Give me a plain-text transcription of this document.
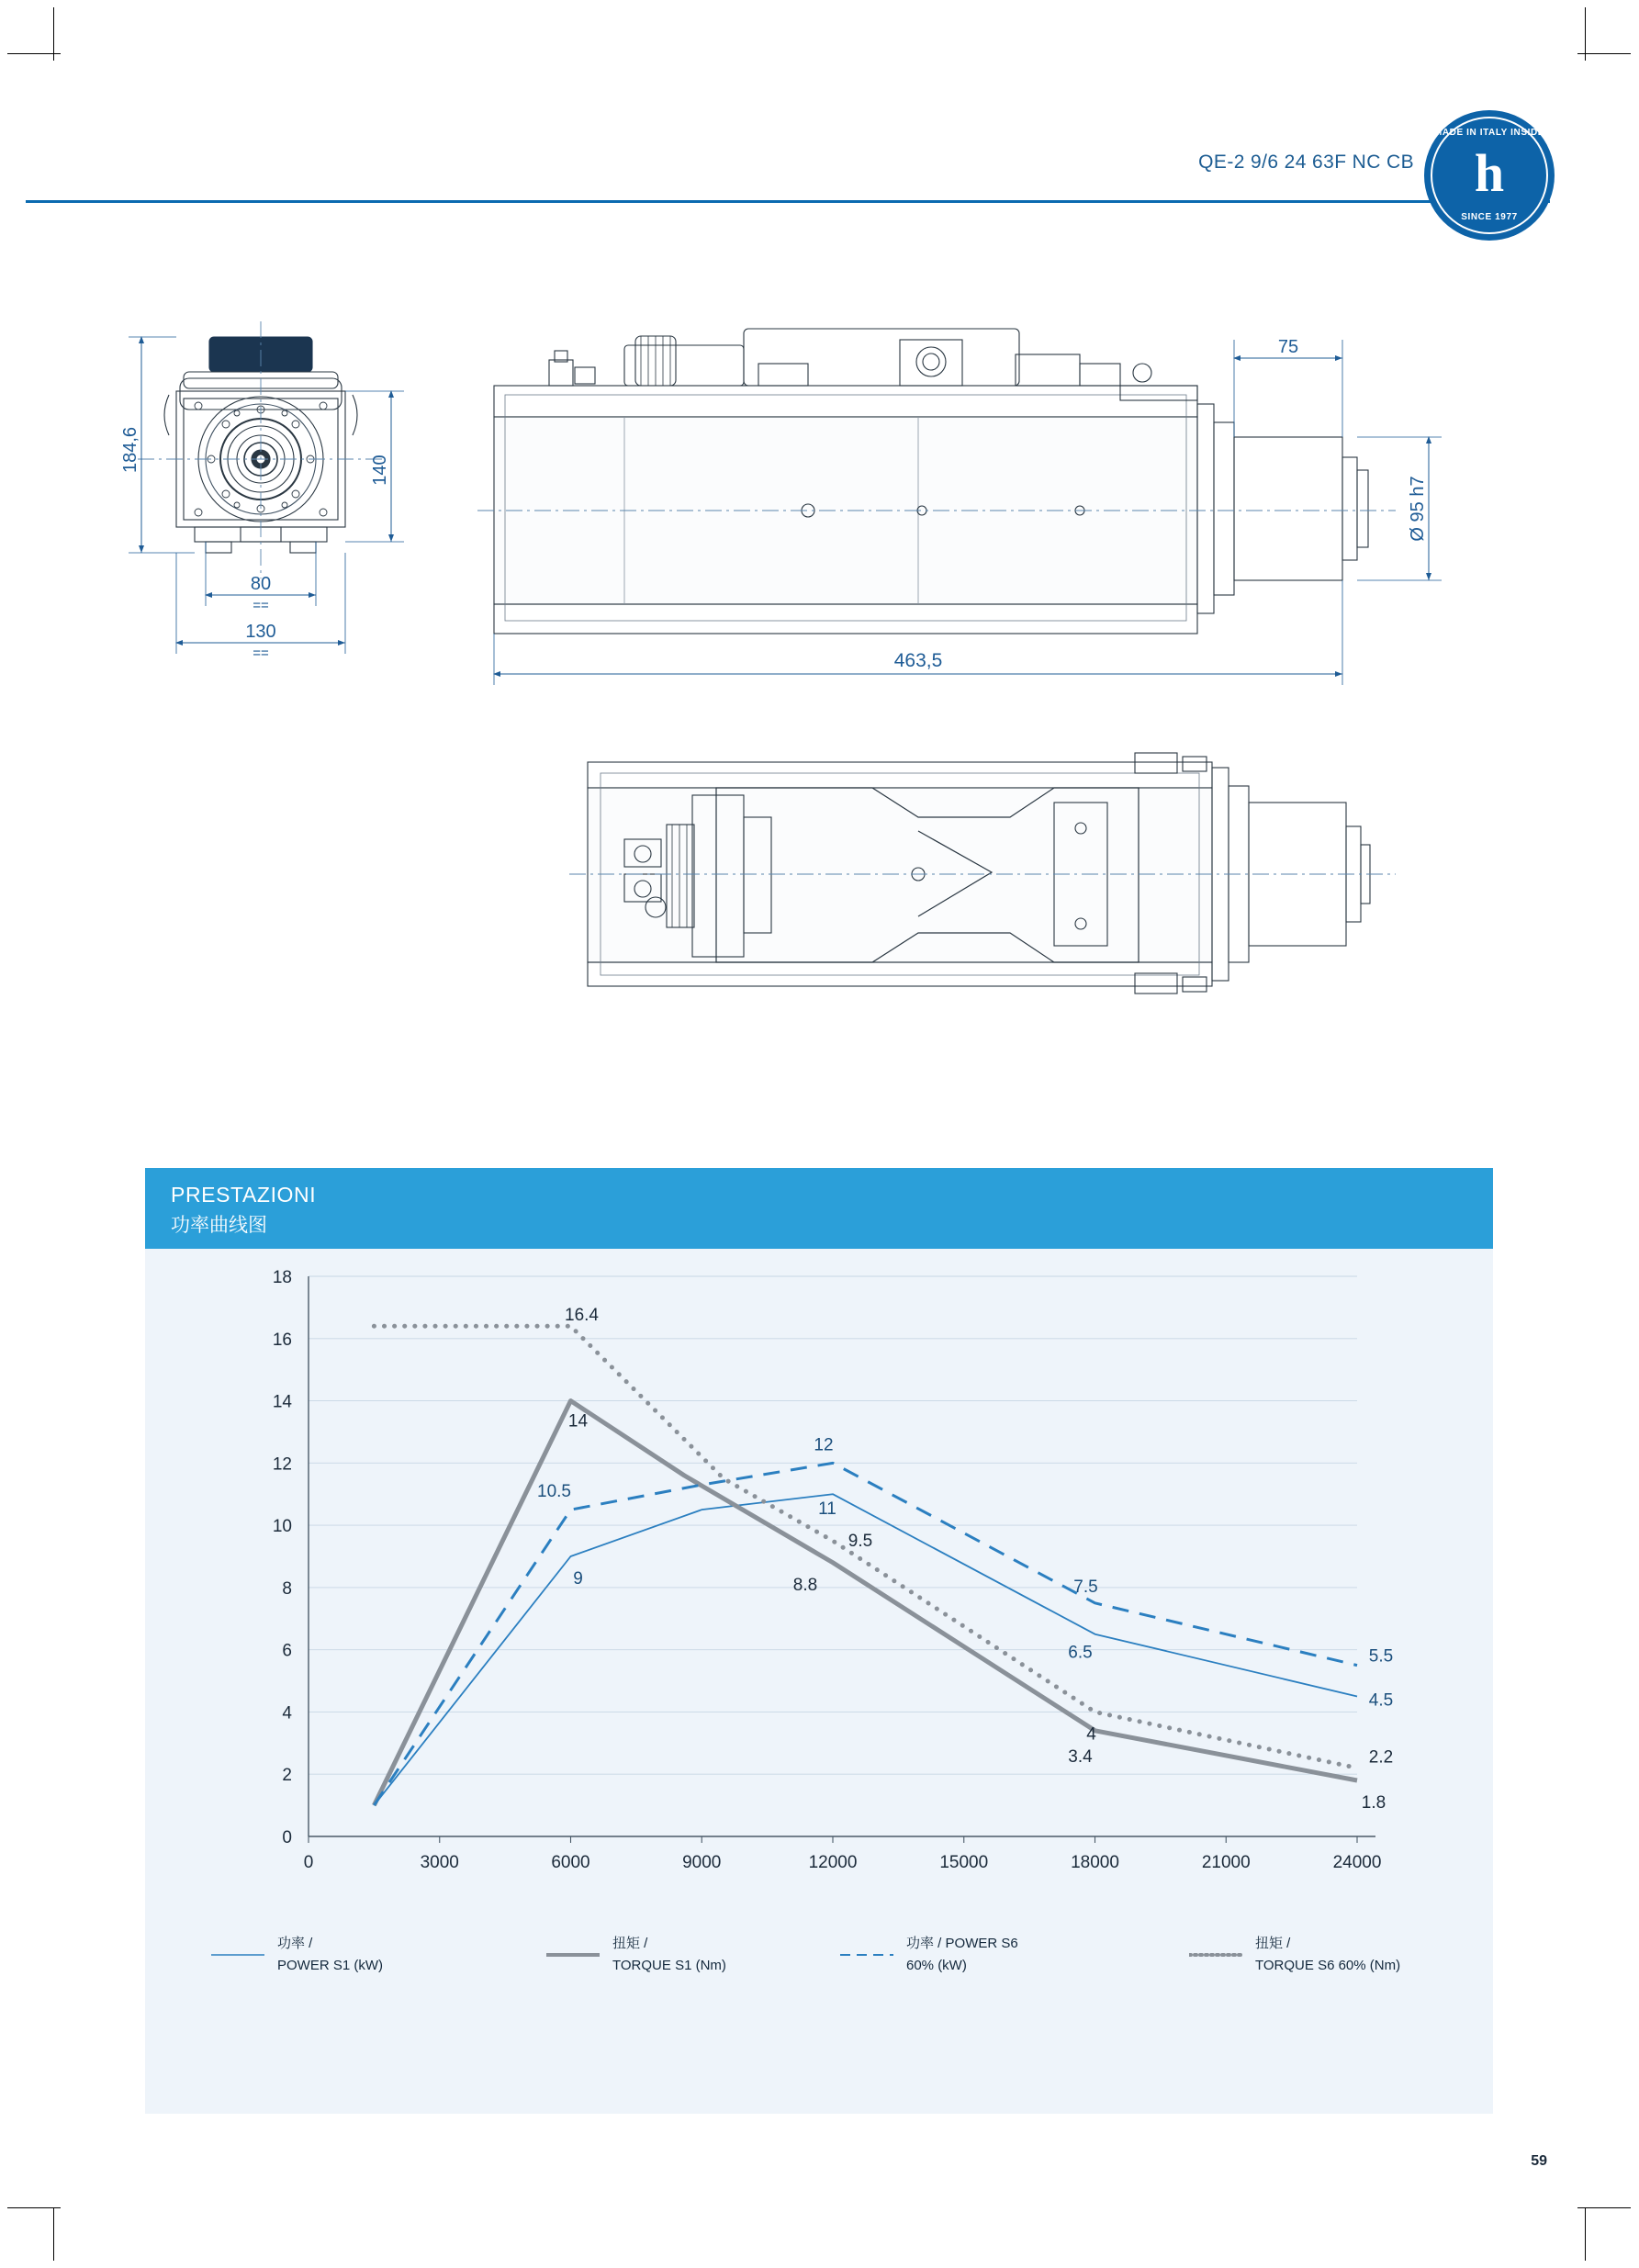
QE-2 9/6 24 63F NC CB
MADE IN ITALY INSIDE
h
SINCE 1977
184,6	140
80
==
130
==	463,5
75
Ø 95 h7
PRESTAZIONI
功率曲线图
0
2
4
6
8
10
12
14
16
18
0	3000	6000	9000	12000	15000	18000	21000	24000
9
11
6.5
4.5
14
8.8
3.4
1.8
10.5
12
7.5
5.5
16.4
9.5
4
2.2
功率 /
POWER S1 (kW)
扭矩 /
TORQUE S1 (Nm)
功率 / POWER S6
60% (kW)
扭矩 /
TORQUE S6 60% (Nm)
59
